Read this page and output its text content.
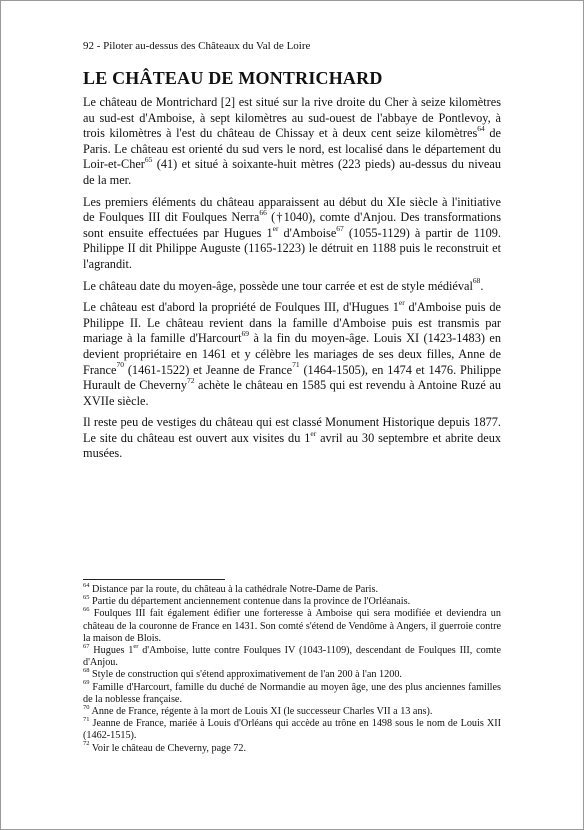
92 - Piloter au-dessus des Châteaux du Val de Loire
LE CHÂTEAU DE MONTRICHARD

Le château de Montrichard [2] est situé sur la rive droite du Cher à seize kilomètres au sud-est d'Amboise, à sept kilomètres au sud-ouest de l'abbaye de Pontlevoy, à trois kilomètres à l'est du château de Chissay et à deux cent seize kilomètres$^{64}$ de Paris. Le château est orienté du sud vers le nord, est localisé dans le département du Loir-et-Cher$^{65}$ (41) et situé à soixante-huit mètres (223 pieds) au-dessus du niveau de la mer.

Les premiers éléments du château apparaissent au début du XIe siècle à l'initiative de Foulques III dit Foulques Nerra$^{66}$ (†1040), comte d'Anjou. Des transformations sont ensuite effectuées par Hugues 1er d'Amboise$^{67}$ (1055-1129) à partir de 1109. Philippe II dit Philippe Auguste (1165-1223) le détruit en 1188 puis le reconstruit et l'agrandit.

Le château date du moyen-âge, possède une tour carrée et est de style médiéval$^{68}$.

Le château est d'abord la propriété de Foulques III, d'Hugues 1er d'Amboise puis de Philippe II. Le château revient dans la famille d'Amboise puis est transmis par mariage à la famille d'Harcourt$^{69}$ à la fin du moyen-âge. Louis XI (1423-1483) en devient propriétaire en 1461 et y célèbre les mariages de ses deux filles, Anne de France$^{70}$ (1461-1522) et Jeanne de France$^{71}$ (1464-1505), en 1474 et 1476. Philippe Hurault de Cheverny$^{72}$ achète le château en 1585 qui est revendu à Antoine Ruzé au XVIIe siècle.

Il reste peu de vestiges du château qui est classé Monument Historique depuis 1877. Le site du château est ouvert aux visites du 1er avril au 30 septembre et abrite deux musées.

$^{64}$ Distance par la route, du château à la cathédrale Notre-Dame de Paris.

$^{65}$ Partie du département anciennement contenue dans la province de l'Orléanais.

$^{66}$ Foulques III fait également édifier une forteresse à Amboise qui sera modifiée et deviendra un château de la couronne de France en 1431. Son comté s'étend de Vendôme à Angers, il guerroie contre la maison de Blois.

$^{67}$ Hugues 1er d'Amboise, lutte contre Foulques IV (1043-1109), descendant de Foulques III, comte d'Anjou.

$^{68}$ Style de construction qui s'étend approximativement de l'an 200 à l'an 1200.

$^{69}$ Famille d'Harcourt, famille du duché de Normandie au moyen âge, une des plus anciennes familles de la noblesse française.

$^{70}$ Anne de France, régente à la mort de Louis XI (le successeur Charles VII a 13 ans).

$^{71}$ Jeanne de France, mariée à Louis d'Orléans qui accède au trône en 1498 sous le nom de Louis XII (1462-1515).

$^{72}$ Voir le château de Cheverny, page 72.
